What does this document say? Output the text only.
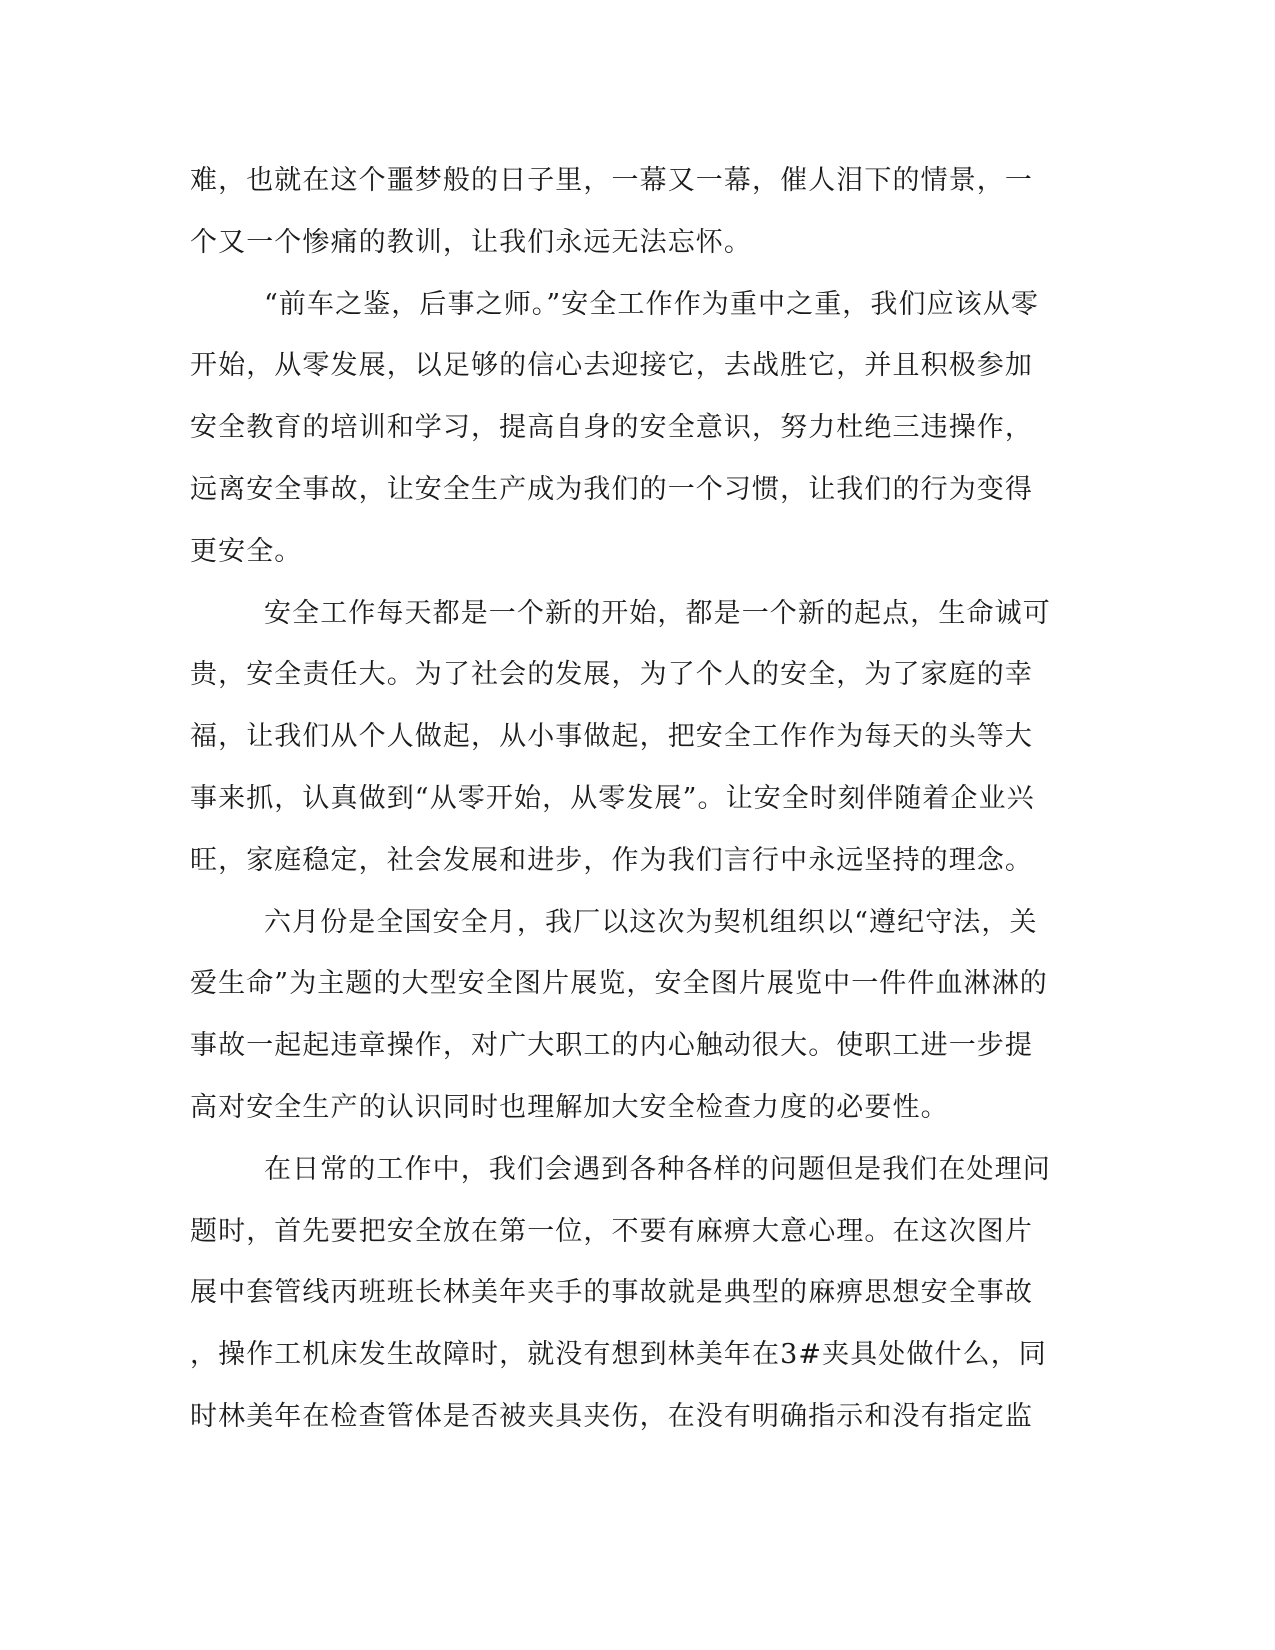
难，也就在这个噩梦般的日子里，一幕又一幕，催人泪下的情景，一
个又一个惨痛的教训，让我们永远无法忘怀。
“前车之鉴，后事之师。”安全工作作为重中之重，我们应该从零
开始，从零发展，以足够的信心去迎接它，去战胜它，并且积极参加
安全教育的培训和学习，提高自身的安全意识，努力杜绝三违操作，
远离安全事故，让安全生产成为我们的一个习惯，让我们的行为变得
更安全。
安全工作每天都是一个新的开始，都是一个新的起点，生命诚可
贵，安全责任大。为了社会的发展，为了个人的安全，为了家庭的幸
福，让我们从个人做起，从小事做起，把安全工作作为每天的头等大
事来抓，认真做到“从零开始，从零发展”。让安全时刻伴随着企业兴
旺，家庭稳定，社会发展和进步，作为我们言行中永远坚持的理念。
六月份是全国安全月，我厂以这次为契机组织以“遵纪守法，关
爱生命”为主题的大型安全图片展览，安全图片展览中一件件血淋淋的
事故一起起违章操作，对广大职工的内心触动很大。使职工进一步提
高对安全生产的认识同时也理解加大安全检查力度的必要性。
在日常的工作中，我们会遇到各种各样的问题但是我们在处理问
题时，首先要把安全放在第一位，不要有麻痹大意心理。在这次图片
展中套管线丙班班长林美年夹手的事故就是典型的麻痹思想安全事故
，操作工机床发生故障时，就没有想到林美年在3#夹具处做什么，同
时林美年在检查管体是否被夹具夹伤，在没有明确指示和没有指定监
